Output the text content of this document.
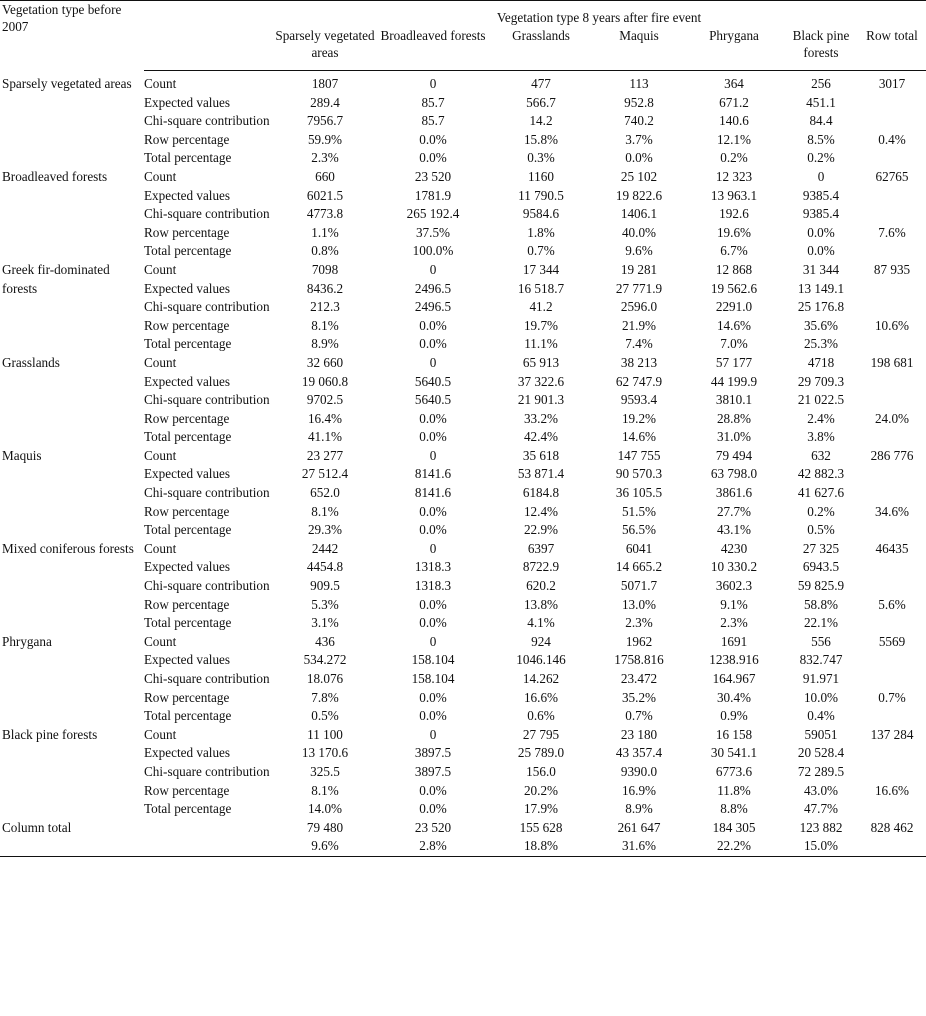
Vegetation type before 2007		Vegetation type 8 years after fire event						
		Sparsely vegetated areas	Broadleaved forests	Grasslands	Maquis	Phrygana	Black pine forests	Row total
Sparsely vegetated areas	Count	1807	0	477	113	364	256	3017
	Expected values	289.4	85.7	566.7	952.8	671.2	451.1	
	Chi-square contribution	7956.7	85.7	14.2	740.2	140.6	84.4	
	Row percentage	59.9%	0.0%	15.8%	3.7%	12.1%	8.5%	0.4%
	Total percentage	2.3%	0.0%	0.3%	0.0%	0.2%	0.2%	
Broadleaved forests	Count	660	23 520	1160	25 102	12 323	0	62765
	Expected values	6021.5	1781.9	11 790.5	19 822.6	13 963.1	9385.4	
	Chi-square contribution	4773.8	265 192.4	9584.6	1406.1	192.6	9385.4	
	Row percentage	1.1%	37.5%	1.8%	40.0%	19.6%	0.0%	7.6%
	Total percentage	0.8%	100.0%	0.7%	9.6%	6.7%	0.0%	
Greek fir-dominated forests	Count	7098	0	17 344	19 281	12 868	31 344	87 935
	Expected values	8436.2	2496.5	16 518.7	27 771.9	19 562.6	13 149.1	
	Chi-square contribution	212.3	2496.5	41.2	2596.0	2291.0	25 176.8	
	Row percentage	8.1%	0.0%	19.7%	21.9%	14.6%	35.6%	10.6%
	Total percentage	8.9%	0.0%	11.1%	7.4%	7.0%	25.3%	
Grasslands	Count	32 660	0	65 913	38 213	57 177	4718	198 681
	Expected values	19 060.8	5640.5	37 322.6	62 747.9	44 199.9	29 709.3	
	Chi-square contribution	9702.5	5640.5	21 901.3	9593.4	3810.1	21 022.5	
	Row percentage	16.4%	0.0%	33.2%	19.2%	28.8%	2.4%	24.0%
	Total percentage	41.1%	0.0%	42.4%	14.6%	31.0%	3.8%	
Maquis	Count	23 277	0	35 618	147 755	79 494	632	286 776
	Expected values	27 512.4	8141.6	53 871.4	90 570.3	63 798.0	42 882.3	
	Chi-square contribution	652.0	8141.6	6184.8	36 105.5	3861.6	41 627.6	
	Row percentage	8.1%	0.0%	12.4%	51.5%	27.7%	0.2%	34.6%
	Total percentage	29.3%	0.0%	22.9%	56.5%	43.1%	0.5%	
Mixed coniferous forests	Count	2442	0	6397	6041	4230	27 325	46435
	Expected values	4454.8	1318.3	8722.9	14 665.2	10 330.2	6943.5	
	Chi-square contribution	909.5	1318.3	620.2	5071.7	3602.3	59 825.9	
	Row percentage	5.3%	0.0%	13.8%	13.0%	9.1%	58.8%	5.6%
	Total percentage	3.1%	0.0%	4.1%	2.3%	2.3%	22.1%	
Phrygana	Count	436	0	924	1962	1691	556	5569
	Expected values	534.272	158.104	1046.146	1758.816	1238.916	832.747	
	Chi-square contribution	18.076	158.104	14.262	23.472	164.967	91.971	
	Row percentage	7.8%	0.0%	16.6%	35.2%	30.4%	10.0%	0.7%
	Total percentage	0.5%	0.0%	0.6%	0.7%	0.9%	0.4%	
Black pine forests	Count	11 100	0	27 795	23 180	16 158	59051	137 284
	Expected values	13 170.6	3897.5	25 789.0	43 357.4	30 541.1	20 528.4	
	Chi-square contribution	325.5	3897.5	156.0	9390.0	6773.6	72 289.5	
	Row percentage	8.1%	0.0%	20.2%	16.9%	11.8%	43.0%	16.6%
	Total percentage	14.0%	0.0%	17.9%	8.9%	8.8%	47.7%	
Column total		79 480	23 520	155 628	261 647	184 305	123 882	828 462
		9.6%	2.8%	18.8%	31.6%	22.2%	15.0%	
